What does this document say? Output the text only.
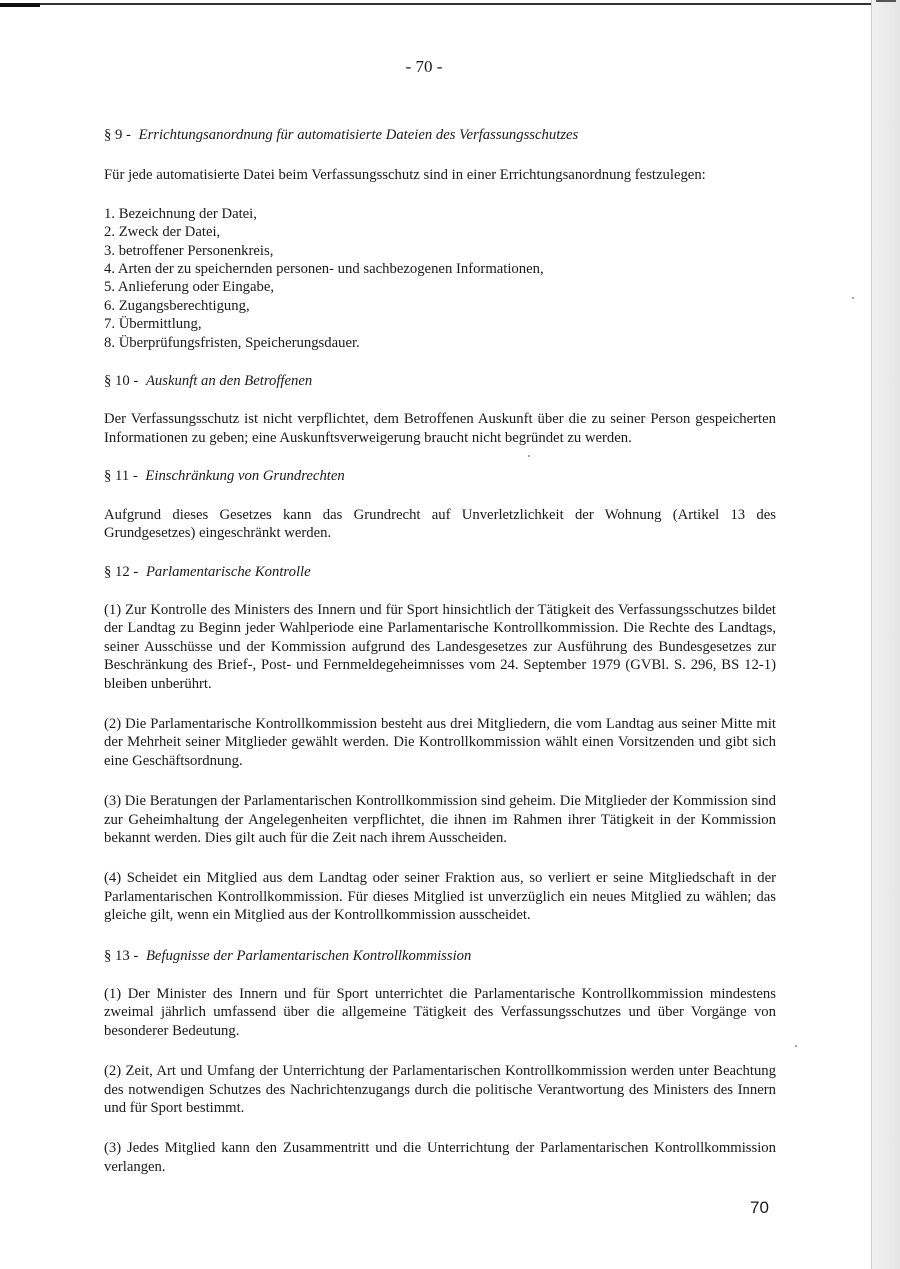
- 70 -
§ 9 - Errichtungsanordnung für automatisierte Dateien des Verfassungsschutzes

Für jede automatisierte Datei beim Verfassungsschutz sind in einer Errichtungsanordnung festzulegen:

1. Bezeichnung der Datei,
2. Zweck der Datei,
3. betroffener Personenkreis,
4. Arten der zu speichernden personen- und sachbezogenen Informationen,
5. Anlieferung oder Eingabe,
6. Zugangsberechtigung,
7. Übermittlung,
8. Überprüfungsfristen, Speicherungsdauer.
§ 10 - Auskunft an den Betroffenen

Der Verfassungsschutz ist nicht verpflichtet, dem Betroffenen Auskunft über die zu seiner Person gespeicherten Informationen zu geben; eine Auskunftsverweigerung braucht nicht begründet zu werden.

§ 11 - Einschränkung von Grundrechten

Aufgrund dieses Gesetzes kann das Grundrecht auf Unverletzlichkeit der Wohnung (Artikel 13 des Grundgesetzes) eingeschränkt werden.

§ 12 - Parlamentarische Kontrolle

(1) Zur Kontrolle des Ministers des Innern und für Sport hinsichtlich der Tätigkeit des Verfassungsschutzes bildet der Landtag zu Beginn jeder Wahlperiode eine Parlamentarische Kontrollkommission. Die Rechte des Landtags, seiner Ausschüsse und der Kommission aufgrund des Landesgesetzes zur Ausführung des Bundesgesetzes zur Beschränkung des Brief-, Post- und Fernmeldegeheimnisses vom 24. September 1979 (GVBl. S. 296, BS 12-1) bleiben unberührt.

(2) Die Parlamentarische Kontrollkommission besteht aus drei Mitgliedern, die vom Landtag aus seiner Mitte mit der Mehrheit seiner Mitglieder gewählt werden. Die Kontrollkommission wählt einen Vorsitzenden und gibt sich eine Geschäftsordnung.

(3) Die Beratungen der Parlamentarischen Kontrollkommission sind geheim. Die Mitglieder der Kommission sind zur Geheimhaltung der Angelegenheiten verpflichtet, die ihnen im Rahmen ihrer Tätigkeit in der Kommission bekannt werden. Dies gilt auch für die Zeit nach ihrem Ausscheiden.

(4) Scheidet ein Mitglied aus dem Landtag oder seiner Fraktion aus, so verliert er seine Mitgliedschaft in der Parlamentarischen Kontrollkommission. Für dieses Mitglied ist unverzüglich ein neues Mitglied zu wählen; das gleiche gilt, wenn ein Mitglied aus der Kontrollkommission ausscheidet.

§ 13 - Befugnisse der Parlamentarischen Kontrollkommission

(1) Der Minister des Innern und für Sport unterrichtet die Parlamentarische Kontrollkommission mindestens zweimal jährlich umfassend über die allgemeine Tätigkeit des Verfassungsschutzes und über Vorgänge von besonderer Bedeutung.

(2) Zeit, Art und Umfang der Unterrichtung der Parlamentarischen Kontrollkommission werden unter Beachtung des notwendigen Schutzes des Nachrichtenzugangs durch die politische Verantwortung des Ministers des Innern und für Sport bestimmt.

(3) Jedes Mitglied kann den Zusammentritt und die Unterrichtung der Parlamentarischen Kontrollkommission verlangen.

70
